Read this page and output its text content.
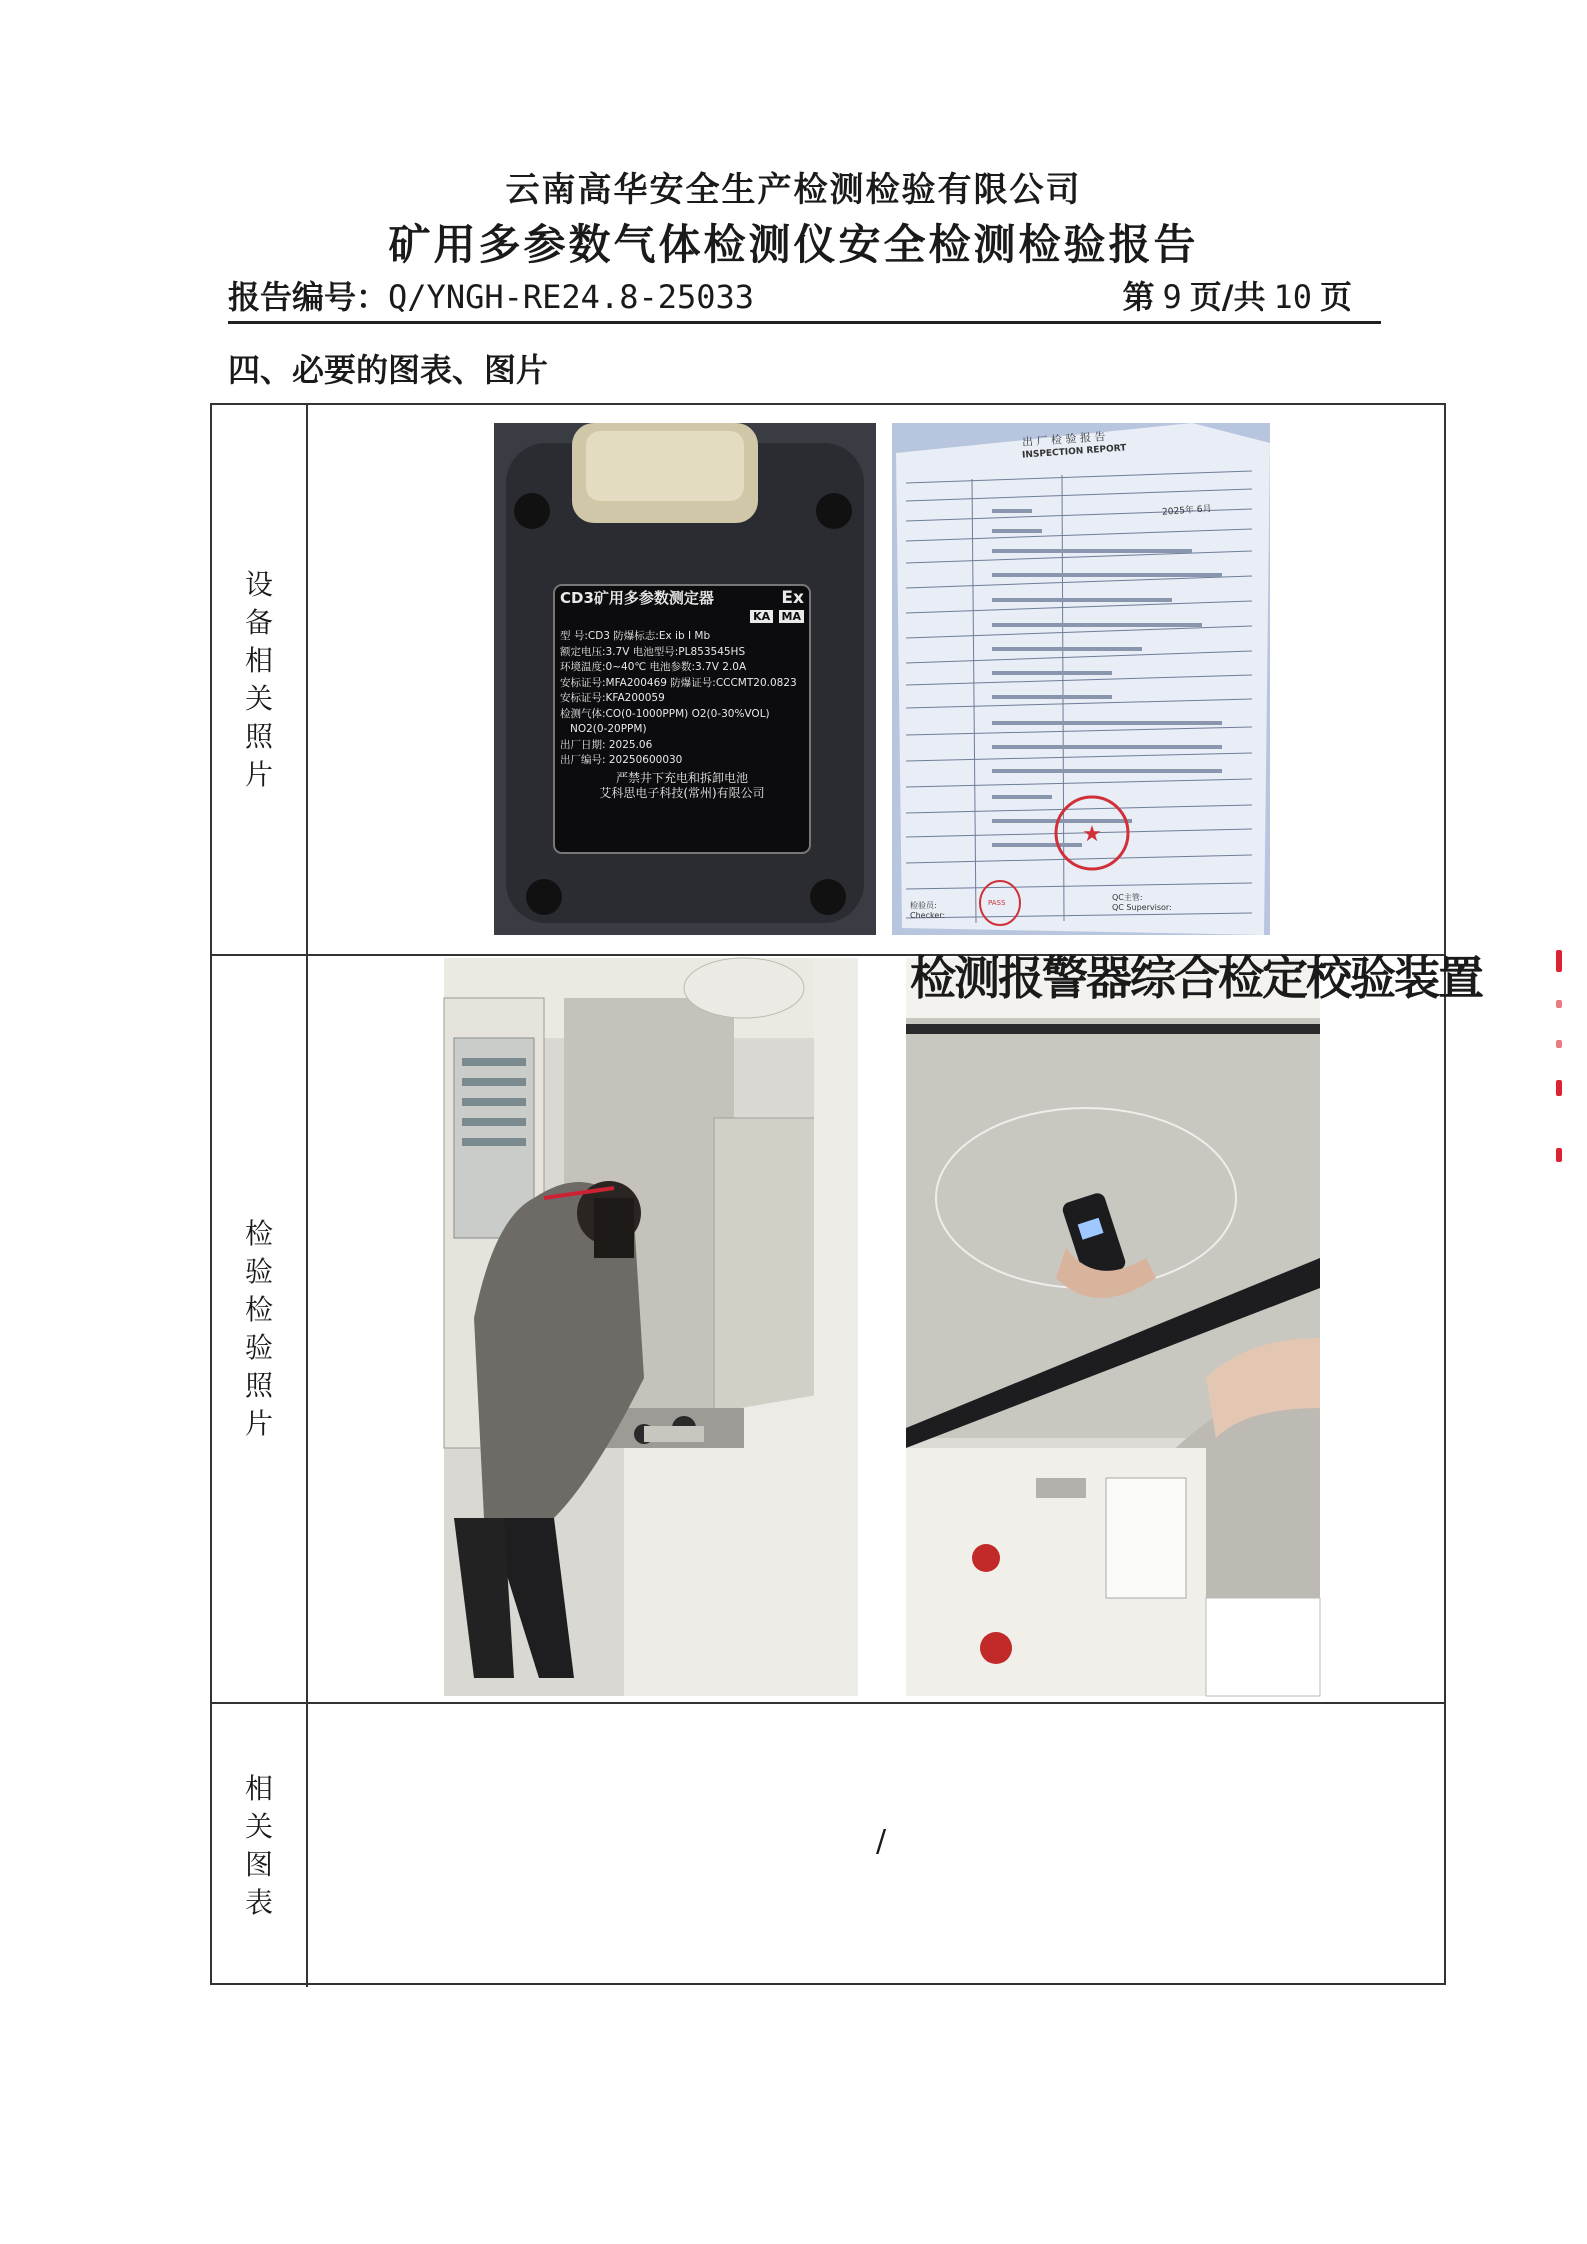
云南高华安全生产检测检验有限公司
矿用多参数气体检测仪安全检测检验报告
报告编号：Q/YNGH-RE24.8-25033	第 9 页/共 10 页
四、必要的图表、图片
设备相关照片
CD3矿用多参数测定器	Ex
KA MA
型 号:CD3 防爆标志:Ex ib I Mb
额定电压:3.7V 电池型号:PL853545HS
环境温度:0~40℃ 电池参数:3.7V 2.0A
安标证号:MFA200469 防爆证号:CCCMT20.0823
安标证号:KFA200059
检测气体:CO(0-1000PPM) O2(0-30%VOL)
NO2(0-20PPM)
出厂日期: 2025.06
出厂编号: 20250600030
严禁井下充电和拆卸电池
艾科思电子科技(常州)有限公司
★
出 厂 检 验 报 告
INSPECTION REPORT
2025年 6月
PASS
检验员:
Checker:
QC主管:
QC Supervisor:
检验检验照片
检测报警器综合检定校验装置
相关图表
/
